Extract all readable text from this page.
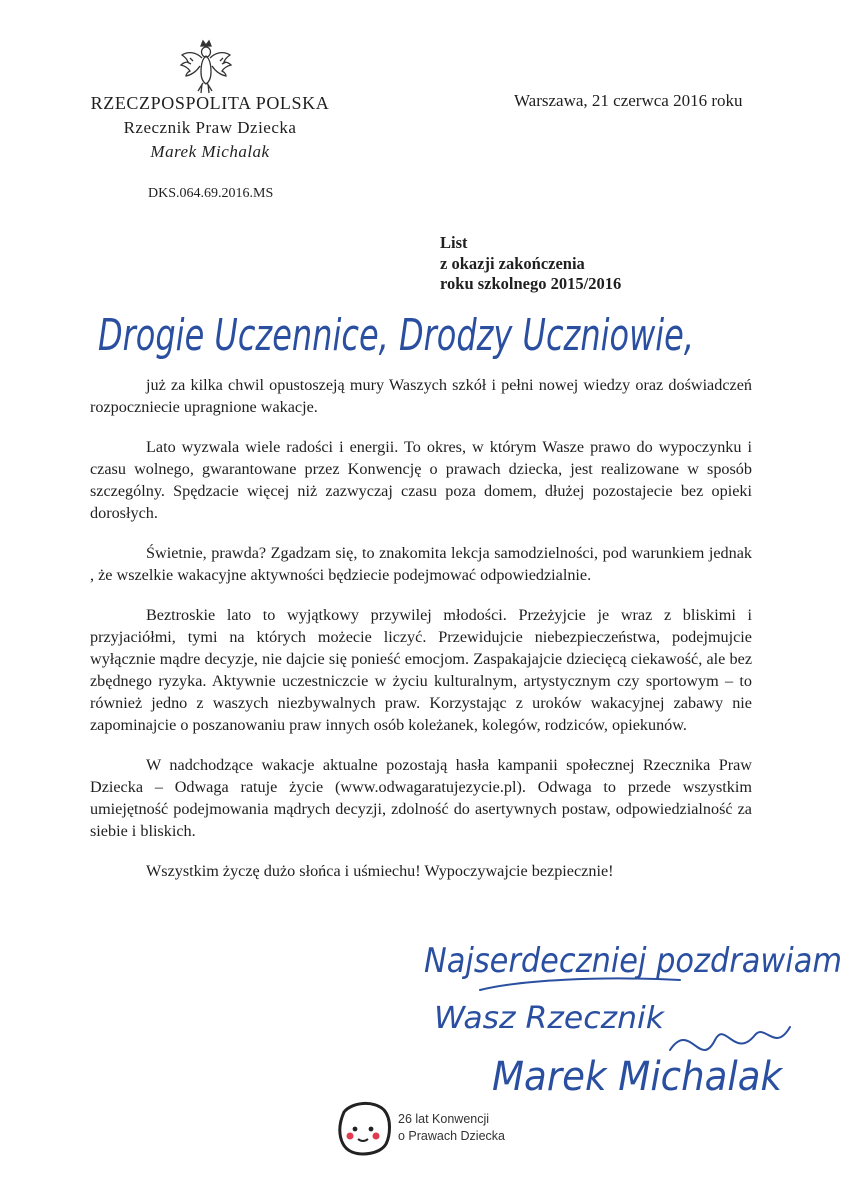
RZECZPOSPOLITA POLSKA
Rzecznik Praw Dziecka
Marek Michalak
DKS.064.69.2016.MS
Warszawa, 21 czerwca 2016 roku
List
z okazji zakończenia
roku szkolnego 2015/2016
Drogie Uczennice, Drodzy Uczniowie,

już za kilka chwil opustoszeją mury Waszych szkół i pełni nowej wiedzy oraz doświadczeń rozpoczniecie upragnione wakacje.

Lato wyzwala wiele radości i energii. To okres, w którym Wasze prawo do wypoczynku i czasu wolnego, gwarantowane przez Konwencję o prawach dziecka, jest realizowane w sposób szczególny. Spędzacie więcej niż zazwyczaj czasu poza domem, dłużej pozostajecie bez opieki dorosłych.

Świetnie, prawda? Zgadzam się, to znakomita lekcja samodzielności, pod warunkiem jednak , że wszelkie wakacyjne aktywności będziecie podejmować odpowiedzialnie.

Beztroskie lato to wyjątkowy przywilej młodości. Przeżyjcie je wraz z bliskimi i przyjaciółmi, tymi na których możecie liczyć. Przewidujcie niebezpieczeństwa, podejmujcie wyłącznie mądre decyzje, nie dajcie się ponieść emocjom. Zaspakajajcie dziecięcą ciekawość, ale bez zbędnego ryzyka. Aktywnie uczestniczcie w życiu kulturalnym, artystycznym czy sportowym – to również jedno z waszych niezbywalnych praw. Korzystając z uroków wakacyjnej zabawy nie zapominajcie o poszanowaniu praw innych osób koleżanek, kolegów, rodziców, opiekunów.

W nadchodzące wakacje aktualne pozostają hasła kampanii społecznej Rzecznika Praw Dziecka – Odwaga ratuje życie (www.odwagaratujezycie.pl). Odwaga to przede wszystkim umiejętność podejmowania mądrych decyzji, zdolność do asertywnych postaw, odpowiedzialność za siebie i bliskich.

Wszystkim życzę dużo słońca i uśmiechu! Wypoczywajcie bezpiecznie!

Najserdeczniej pozdrawiam
Wasz Rzecznik
Marek Michalak
26 lat Konwencji
o Prawach Dziecka
